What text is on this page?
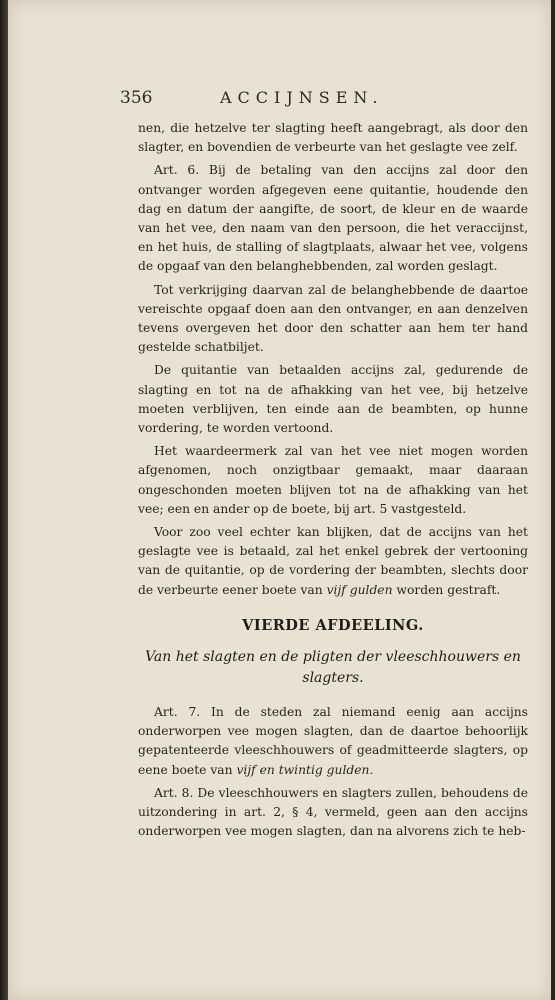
356	ACCIJNSEN.

nen, die hetzelve ter slagting heeft aangebragt, als door den slagter, en bovendien de verbeurte van het geslagte vee zelf.

Art. 6. Bij de betaling van den accijns zal door den ontvanger worden afgegeven eene quitantie, houdende den dag en datum der aangifte, de soort, de kleur en de waarde van het vee, den naam van den persoon, die het veraccijnst, en het huis, de stalling of slagtplaats, alwaar het vee, volgens de opgaaf van den belanghebbenden, zal worden geslagt.

Tot verkrijging daarvan zal de belanghebbende de daartoe vereischte opgaaf doen aan den ontvanger, en aan denzelven tevens overgeven het door den schatter aan hem ter hand gestelde schatbiljet.

De quitantie van betaalden accijns zal, gedurende de slagting en tot na de afhakking van het vee, bij hetzelve moeten verblijven, ten einde aan de beambten, op hunne vordering, te worden vertoond.

Het waardeermerk zal van het vee niet mogen worden afgenomen, noch onzigtbaar gemaakt, maar daaraan ongeschonden moeten blijven tot na de afhakking van het vee; een en ander op de boete, bij art. 5 vastgesteld.

Voor zoo veel echter kan blijken, dat de accijns van het geslagte vee is betaald, zal het enkel gebrek der vertooning van de quitantie, op de vordering der beambten, slechts door de verbeurte eener boete van vijf gulden worden gestraft.

VIERDE AFDEELING.
Van het slagten en de pligten der vleeschhouwers en slagters.

Art. 7. In de steden zal niemand eenig aan accijns onderworpen vee mogen slagten, dan de daartoe behoorlijk gepatenteerde vleeschhouwers of geadmitteerde slagters, op eene boete van vijf en twintig gulden.

Art. 8. De vleeschhouwers en slagters zullen, behoudens de uitzondering in art. 2, § 4, vermeld, geen aan den accijns onderworpen vee mogen slagten, dan na alvorens zich te heb-
